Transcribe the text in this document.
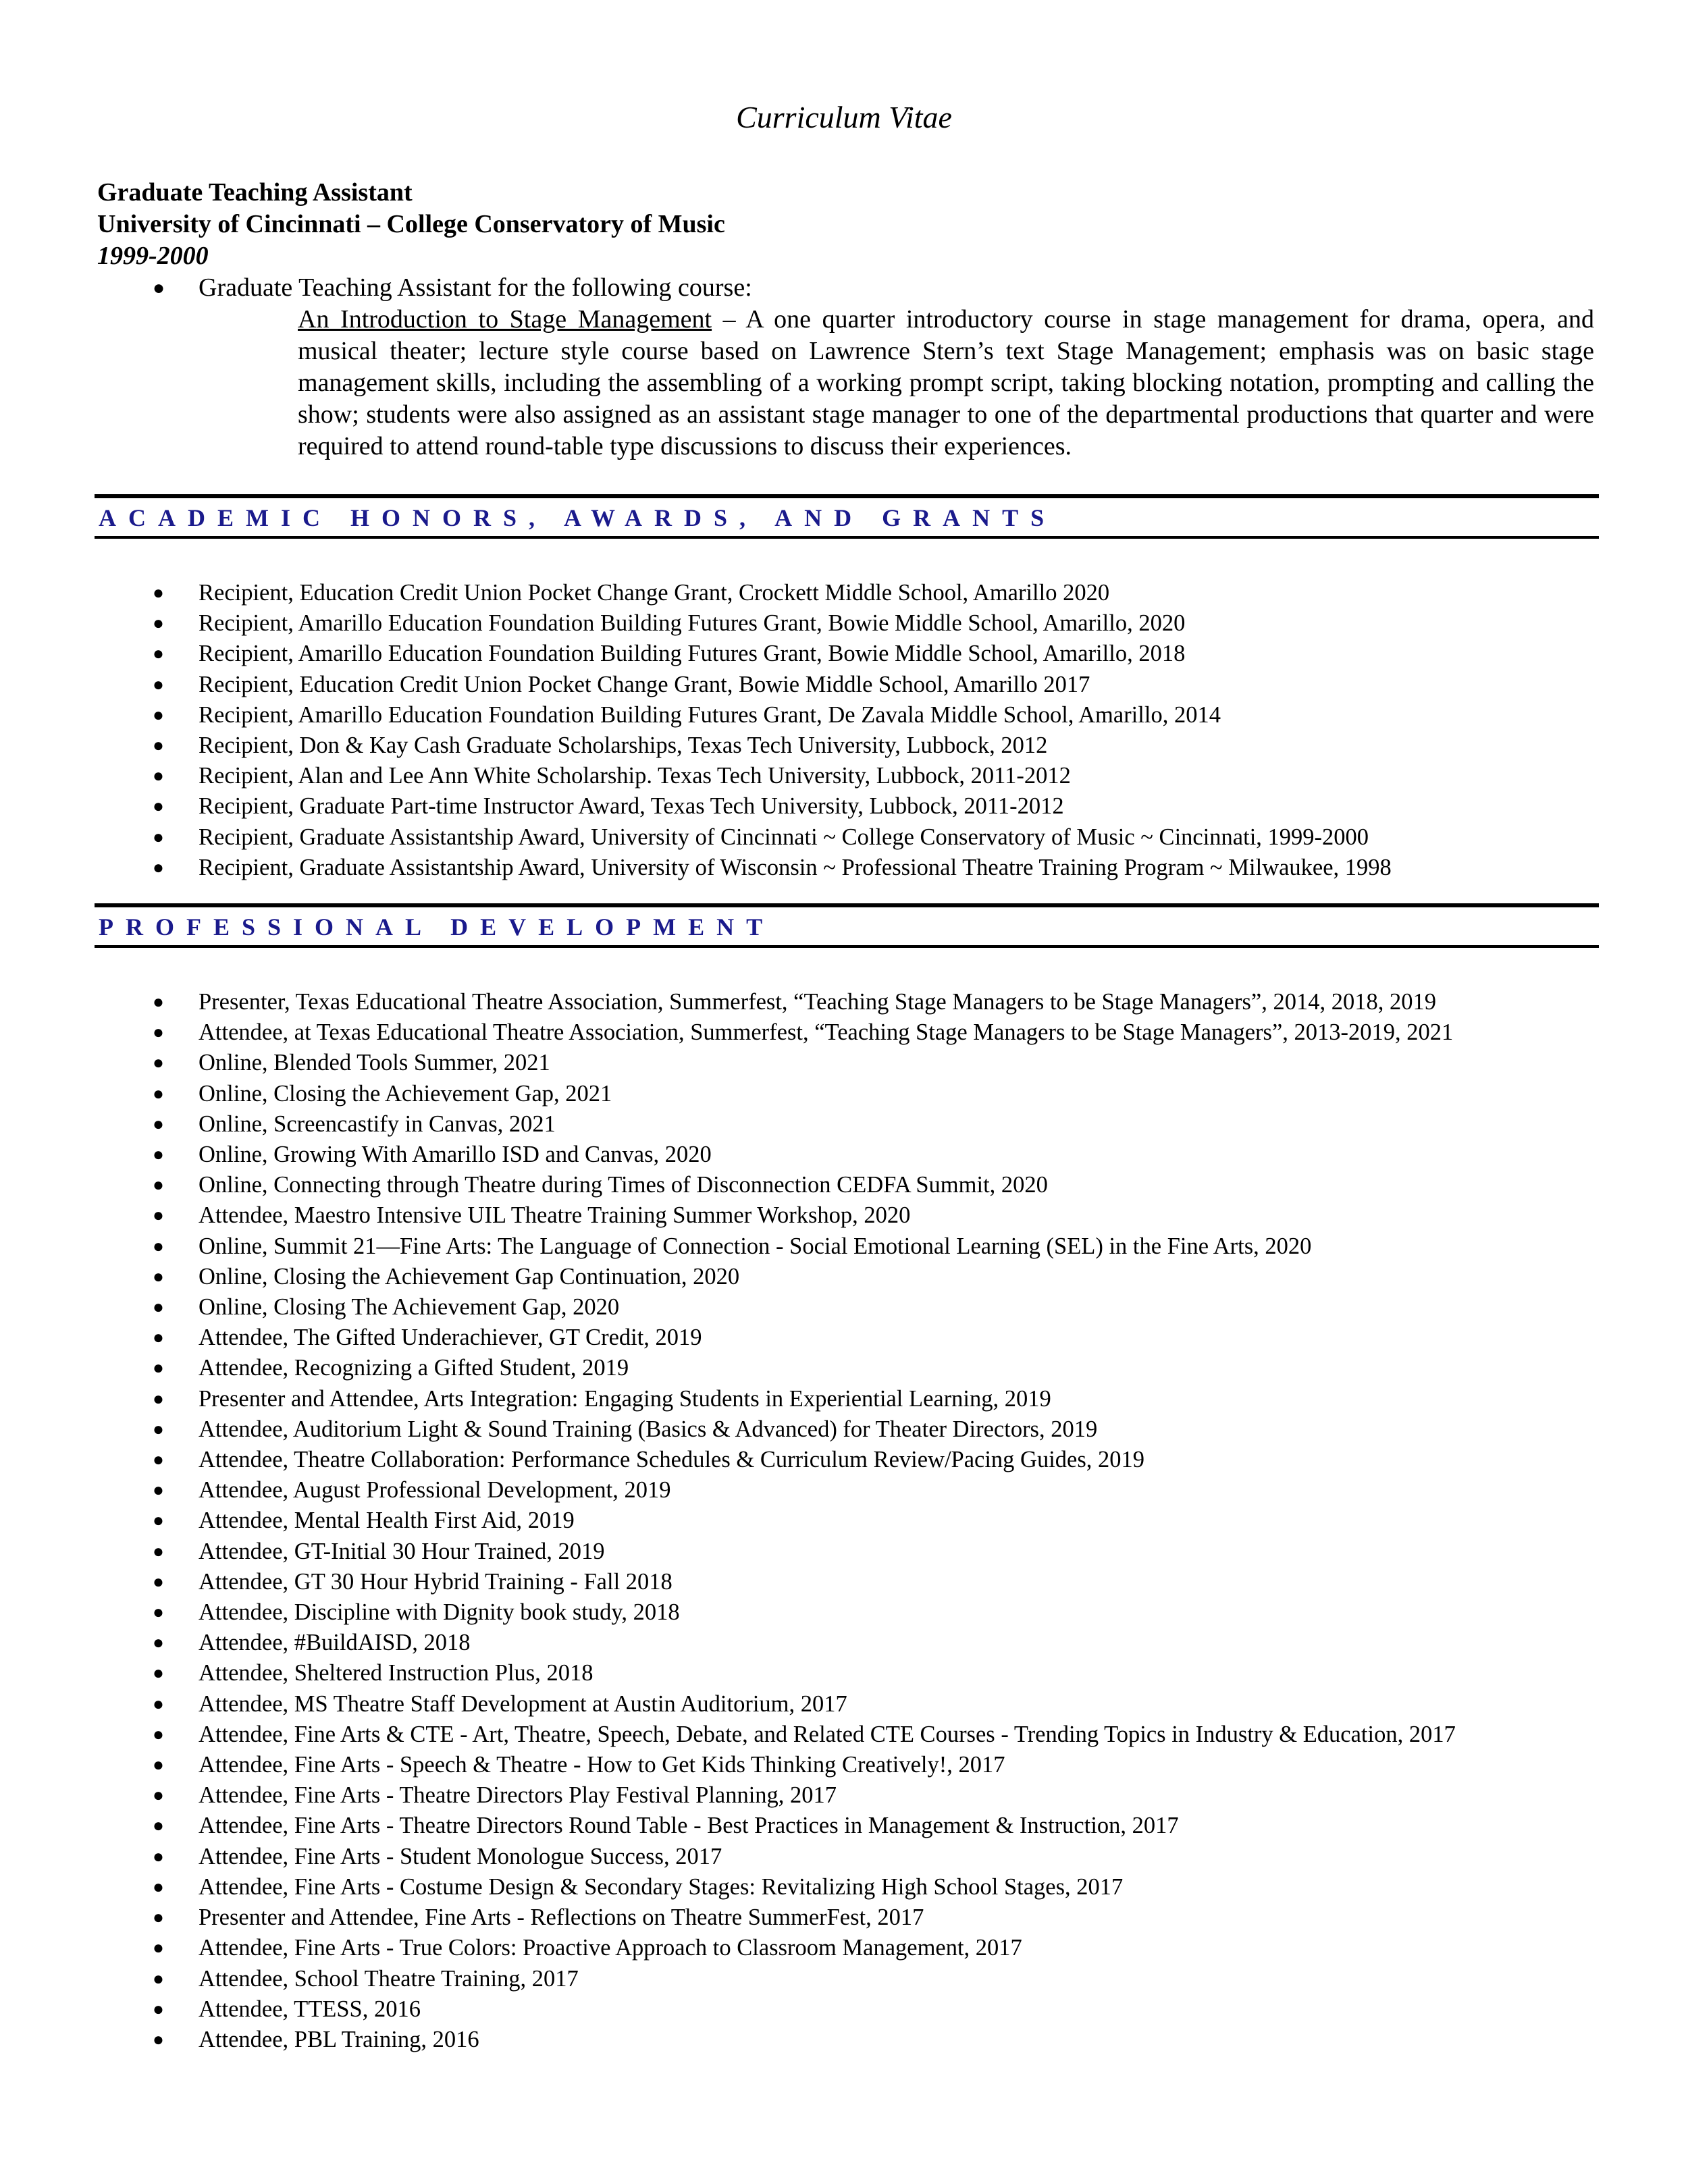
Curriculum Vitae
Graduate Teaching Assistant
University of Cincinnati – College Conservatory of Music
1999-2000
● Graduate Teaching Assistant for the following course:
An Introduction to Stage Management – A one quarter introductory course in stage management for drama, opera, and musical theater; lecture style course based on Lawrence Stern’s text Stage Management; emphasis was on basic stage management skills, including the assembling of a working prompt script, taking blocking notation, prompting and calling the show; students were also assigned as an assistant stage manager to one of the departmental productions that quarter and were required to attend round-table type discussions to discuss their experiences.
ACADEMIC HONORS, AWARDS, AND GRANTS
● Recipient, Education Credit Union Pocket Change Grant, Crockett Middle School, Amarillo 2020
● Recipient, Amarillo Education Foundation Building Futures Grant, Bowie Middle School, Amarillo, 2020
● Recipient, Amarillo Education Foundation Building Futures Grant, Bowie Middle School, Amarillo, 2018
● Recipient, Education Credit Union Pocket Change Grant, Bowie Middle School, Amarillo 2017
● Recipient, Amarillo Education Foundation Building Futures Grant, De Zavala Middle School, Amarillo, 2014
● Recipient, Don & Kay Cash Graduate Scholarships, Texas Tech University, Lubbock, 2012
● Recipient, Alan and Lee Ann White Scholarship. Texas Tech University, Lubbock, 2011-2012
● Recipient, Graduate Part-time Instructor Award, Texas Tech University, Lubbock, 2011-2012
● Recipient, Graduate Assistantship Award, University of Cincinnati ~ College Conservatory of Music ~ Cincinnati, 1999-2000
● Recipient, Graduate Assistantship Award, University of Wisconsin ~ Professional Theatre Training Program ~ Milwaukee, 1998
PROFESSIONAL DEVELOPMENT
● Presenter, Texas Educational Theatre Association, Summerfest, “Teaching Stage Managers to be Stage Managers”, 2014, 2018, 2019
● Attendee, at Texas Educational Theatre Association, Summerfest, “Teaching Stage Managers to be Stage Managers”, 2013-2019, 2021
● Online, Blended Tools Summer, 2021
● Online, Closing the Achievement Gap, 2021
● Online, Screencastify in Canvas, 2021
● Online, Growing With Amarillo ISD and Canvas, 2020
● Online, Connecting through Theatre during Times of Disconnection CEDFA Summit, 2020
● Attendee, Maestro Intensive UIL Theatre Training Summer Workshop, 2020
● Online, Summit 21—Fine Arts: The Language of Connection - Social Emotional Learning (SEL) in the Fine Arts, 2020
● Online, Closing the Achievement Gap Continuation, 2020
● Online, Closing The Achievement Gap, 2020
● Attendee, The Gifted Underachiever, GT Credit, 2019
● Attendee, Recognizing a Gifted Student, 2019
● Presenter and Attendee, Arts Integration: Engaging Students in Experiential Learning, 2019
● Attendee, Auditorium Light & Sound Training (Basics & Advanced) for Theater Directors, 2019
● Attendee, Theatre Collaboration: Performance Schedules & Curriculum Review/Pacing Guides, 2019
● Attendee, August Professional Development, 2019
● Attendee, Mental Health First Aid, 2019
● Attendee, GT-Initial 30 Hour Trained, 2019
● Attendee, GT 30 Hour Hybrid Training - Fall 2018
● Attendee, Discipline with Dignity book study, 2018
● Attendee, #BuildAISD, 2018
● Attendee, Sheltered Instruction Plus, 2018
● Attendee, MS Theatre Staff Development at Austin Auditorium, 2017
● Attendee, Fine Arts & CTE - Art, Theatre, Speech, Debate, and Related CTE Courses - Trending Topics in Industry & Education, 2017
● Attendee, Fine Arts - Speech & Theatre - How to Get Kids Thinking Creatively!, 2017
● Attendee, Fine Arts - Theatre Directors Play Festival Planning, 2017
● Attendee, Fine Arts - Theatre Directors Round Table - Best Practices in Management & Instruction, 2017
● Attendee, Fine Arts - Student Monologue Success, 2017
● Attendee, Fine Arts - Costume Design & Secondary Stages: Revitalizing High School Stages, 2017
● Presenter and Attendee, Fine Arts - Reflections on Theatre SummerFest, 2017
● Attendee, Fine Arts - True Colors: Proactive Approach to Classroom Management, 2017
● Attendee, School Theatre Training, 2017
● Attendee, TTESS, 2016
● Attendee, PBL Training, 2016
